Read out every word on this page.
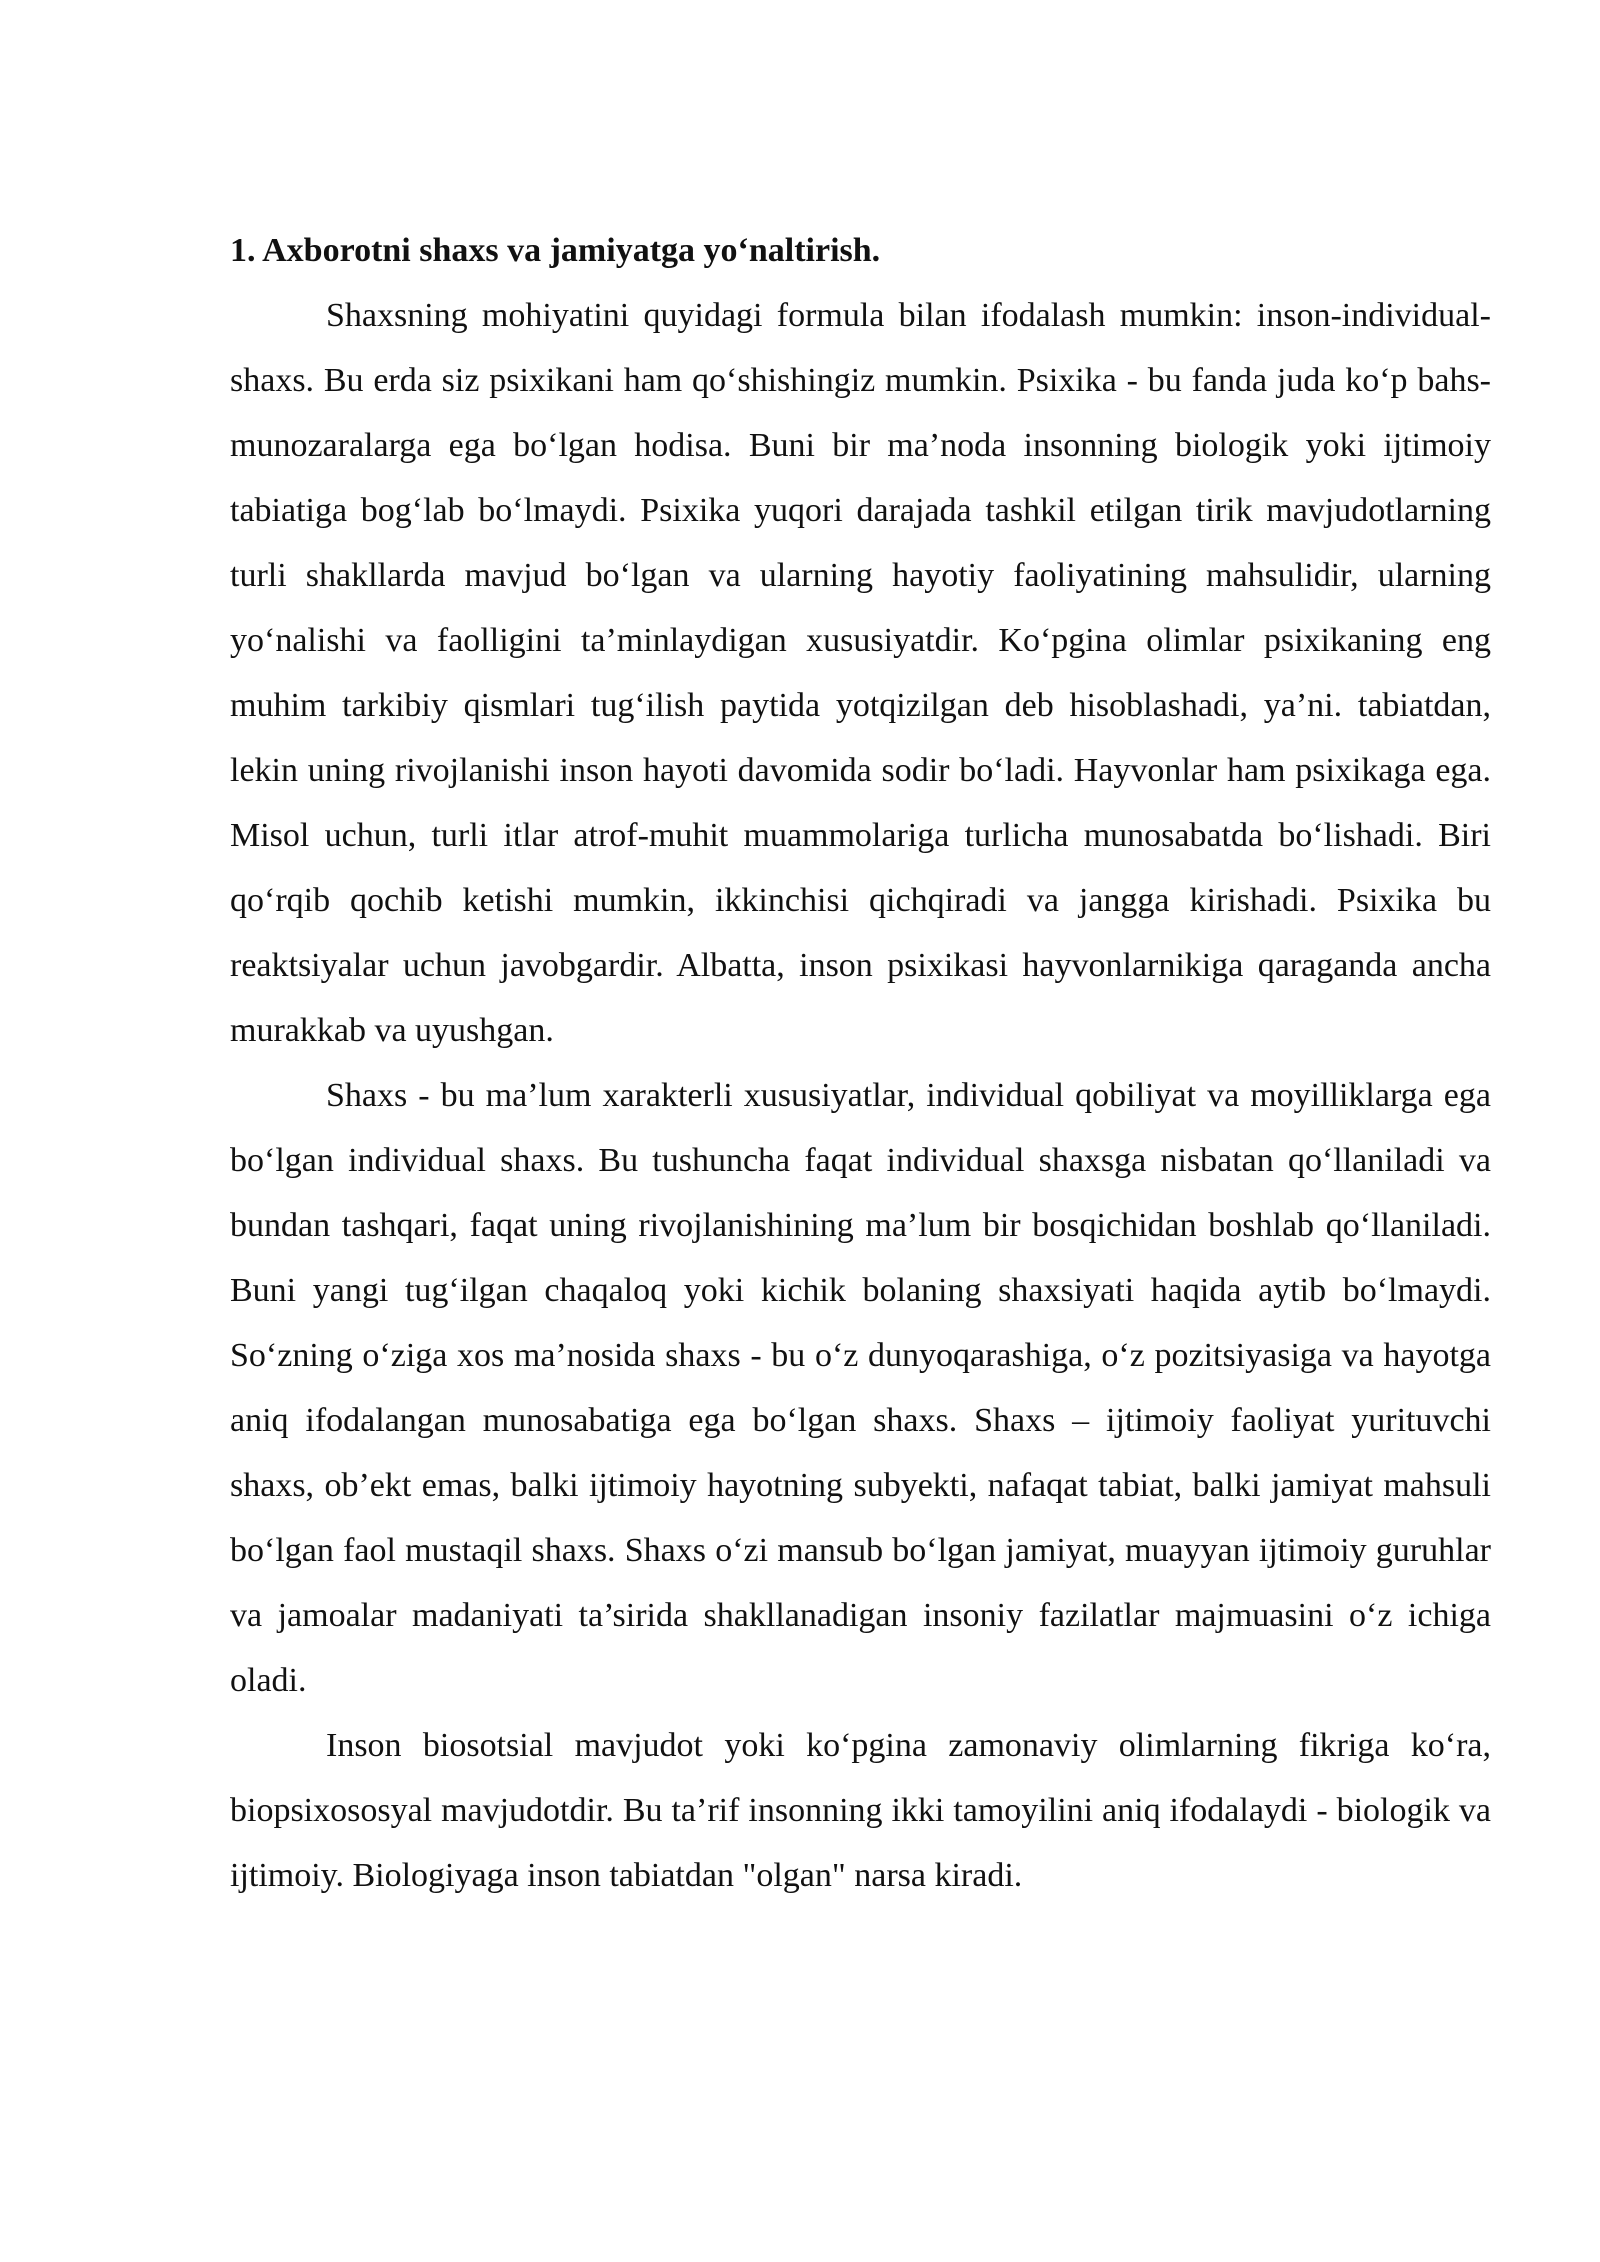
1. Axborotni shaxs va jamiyatga yo‘naltirish.

Shaxsning mohiyatini quyidagi formula bilan ifodalash mumkin: inson-individual-shaxs. Bu erda siz psixikani ham qo‘shishingiz mumkin. Psixika - bu fanda juda ko‘p bahs-munozaralarga ega bo‘lgan hodisa. Buni bir ma’noda insonning biologik yoki ijtimoiy tabiatiga bog‘lab bo‘lmaydi. Psixika yuqori darajada tashkil etilgan tirik mavjudotlarning turli shakllarda mavjud bo‘lgan va ularning hayotiy faoliyatining mahsulidir, ularning yo‘nalishi va faolligini ta’minlaydigan xususiyatdir. Ko‘pgina olimlar psixikaning eng muhim tarkibiy qismlari tug‘ilish paytida yotqizilgan deb hisoblashadi, ya’ni. tabiatdan, lekin uning rivojlanishi inson hayoti davomida sodir bo‘ladi. Hayvonlar ham psixikaga ega. Misol uchun, turli itlar atrof-muhit muammolariga turlicha munosabatda bo‘lishadi. Biri qo‘rqib qochib ketishi mumkin, ikkinchisi qichqiradi va jangga kirishadi. Psixika bu reaktsiyalar uchun javobgardir. Albatta, inson psixikasi hayvonlarnikiga qaraganda ancha murakkab va uyushgan.

Shaxs - bu ma’lum xarakterli xususiyatlar, individual qobiliyat va moyilliklarga ega bo‘lgan individual shaxs. Bu tushuncha faqat individual shaxsga nisbatan qo‘llaniladi va bundan tashqari, faqat uning rivojlanishining ma’lum bir bosqichidan boshlab qo‘llaniladi. Buni yangi tug‘ilgan chaqaloq yoki kichik bolaning shaxsiyati haqida aytib bo‘lmaydi. So‘zning o‘ziga xos ma’nosida shaxs - bu o‘z dunyoqarashiga, o‘z pozitsiyasiga va hayotga aniq ifodalangan munosabatiga ega bo‘lgan shaxs. Shaxs – ijtimoiy faoliyat yurituvchi shaxs, ob’ekt emas, balki ijtimoiy hayotning subyekti, nafaqat tabiat, balki jamiyat mahsuli bo‘lgan faol mustaqil shaxs. Shaxs o‘zi mansub bo‘lgan jamiyat, muayyan ijtimoiy guruhlar va jamoalar madaniyati ta’sirida shakllanadigan insoniy fazilatlar majmuasini o‘z ichiga oladi.

Inson biosotsial mavjudot yoki ko‘pgina zamonaviy olimlarning fikriga ko‘ra, biopsixososyal mavjudotdir. Bu ta’rif insonning ikki tamoyilini aniq ifodalaydi - biologik va ijtimoiy. Biologiyaga inson tabiatdan "olgan" narsa kiradi.
